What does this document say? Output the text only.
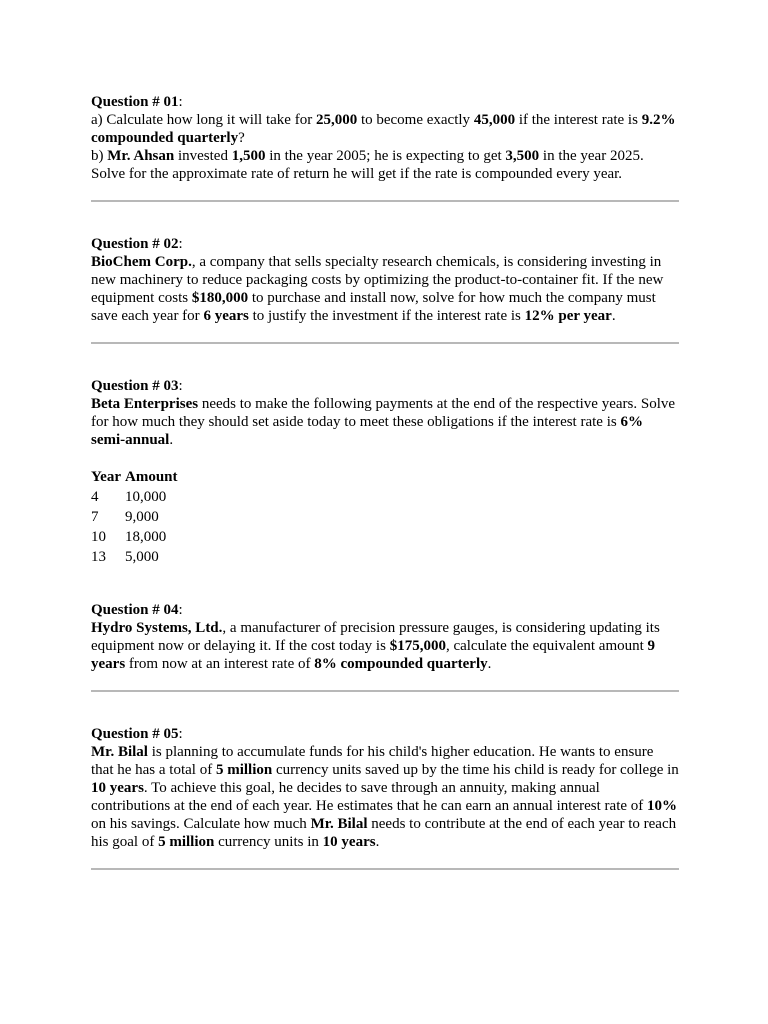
Question # 01:

a) Calculate how long it will take for 25,000 to become exactly 45,000 if the interest rate is 9.2% compounded quarterly?

b) Mr. Ahsan invested 1,500 in the year 2005; he is expecting to get 3,500 in the year 2025. Solve for the approximate rate of return he will get if the rate is compounded every year.

Question # 02:

BioChem Corp., a company that sells specialty research chemicals, is considering investing in new machinery to reduce packaging costs by optimizing the product-to-container fit. If the new equipment costs $180,000 to purchase and install now, solve for how much the company must save each year for 6 years to justify the investment if the interest rate is 12% per year.

Question # 03:

Beta Enterprises needs to make the following payments at the end of the respective years. Solve for how much they should set aside today to meet these obligations if the interest rate is 6% semi-annual.

Year	Amount
4	10,000
7	9,000
10	18,000
13	5,000

Question # 04:

Hydro Systems, Ltd., a manufacturer of precision pressure gauges, is considering updating its equipment now or delaying it. If the cost today is $175,000, calculate the equivalent amount 9 years from now at an interest rate of 8% compounded quarterly.

Question # 05:

Mr. Bilal is planning to accumulate funds for his child's higher education. He wants to ensure that he has a total of 5 million currency units saved up by the time his child is ready for college in 10 years. To achieve this goal, he decides to save through an annuity, making annual contributions at the end of each year. He estimates that he can earn an annual interest rate of 10% on his savings. Calculate how much Mr. Bilal needs to contribute at the end of each year to reach his goal of 5 million currency units in 10 years.
